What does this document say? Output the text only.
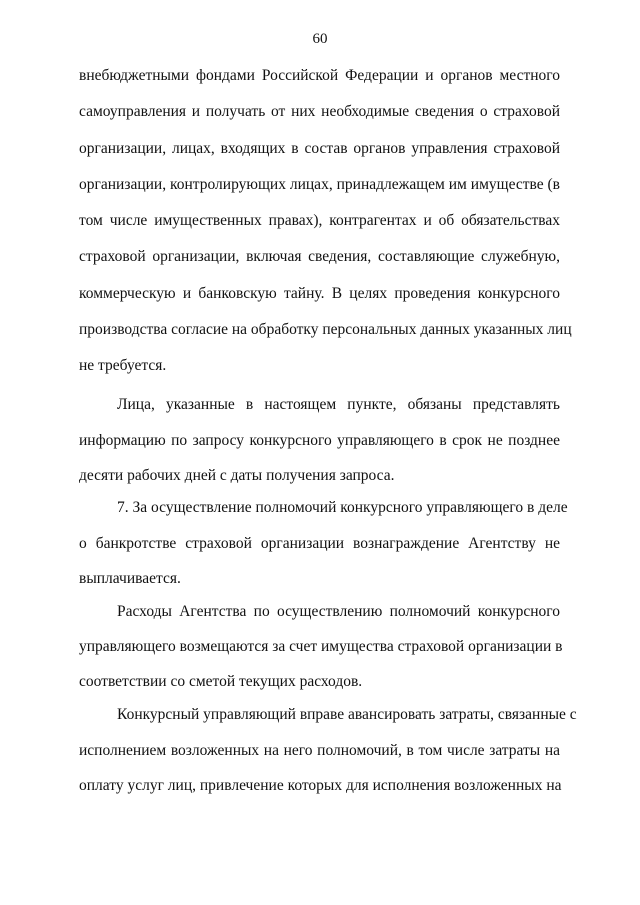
60
внебюджетными фондами Российской Федерации и органов местного
самоуправления и получать от них необходимые сведения о страховой
организации, лицах, входящих в состав органов управления страховой
организации, контролирующих лицах, принадлежащем им имуществе (в
том числе имущественных правах), контрагентах и об обязательствах
страховой организации, включая сведения, составляющие служебную,
коммерческую и банковскую тайну. В целях проведения конкурсного
производства согласие на обработку персональных данных указанных лиц
не требуется.
Лица, указанные в настоящем пункте, обязаны представлять
информацию по запросу конкурсного управляющего в срок не позднее
десяти рабочих дней с даты получения запроса.
7. За осуществление полномочий конкурсного управляющего в деле
о банкротстве страховой организации вознаграждение Агентству не
выплачивается.
Расходы Агентства по осуществлению полномочий конкурсного
управляющего возмещаются за счет имущества страховой организации в
соответствии со сметой текущих расходов.
Конкурсный управляющий вправе авансировать затраты, связанные с
исполнением возложенных на него полномочий, в том числе затраты на
оплату услуг лиц, привлечение которых для исполнения возложенных на
